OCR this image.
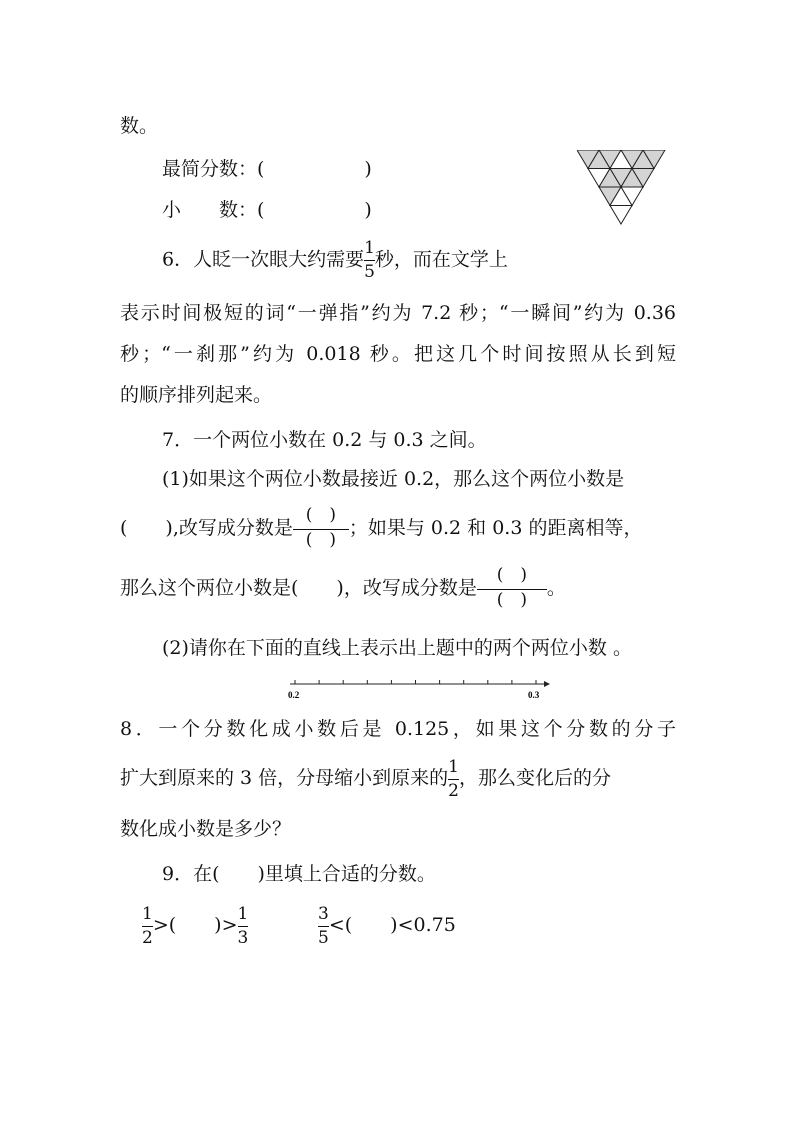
数。
最简分数：(	)
小　　数：(	)
6．人眨一次眼大约需要 $\frac{1}{5}$ 秒，而在文学上
表示时间极短的词“一弹指”约为 7.2 秒；“一瞬间”约为 0.36
秒；“一刹那”约为 0.018 秒。把这几个时间按照从长到短
的顺序排列起来。
7．一个两位小数在 0.2 与 0.3 之间。
(1)如果这个两位小数最接近 0.2，那么这个两位小数是
(　　),改写成分数是 $\frac{( )}{( )}$ ；如果与 0.2 和 0.3 的距离相等，
那么这个两位小数是(　　)，改写成分数是 $\frac{( )}{( )}$ 。
(2)请你在下面的直线上表示出上题中的两个两位小数 。
0.2	0.3
8．一个分数化成小数后是 0.125，如果这个分数的分子
扩大到原来的 3 倍，分母缩小到原来的 $\frac{1}{2}$ ，那么变化后的分
数化成小数是多少？
9．在(　　)里填上合适的分数。
$\frac{1}{2}$ >(　　)> $\frac{1}{3}$	$\frac{3}{5}$ <(　　)<0.75
